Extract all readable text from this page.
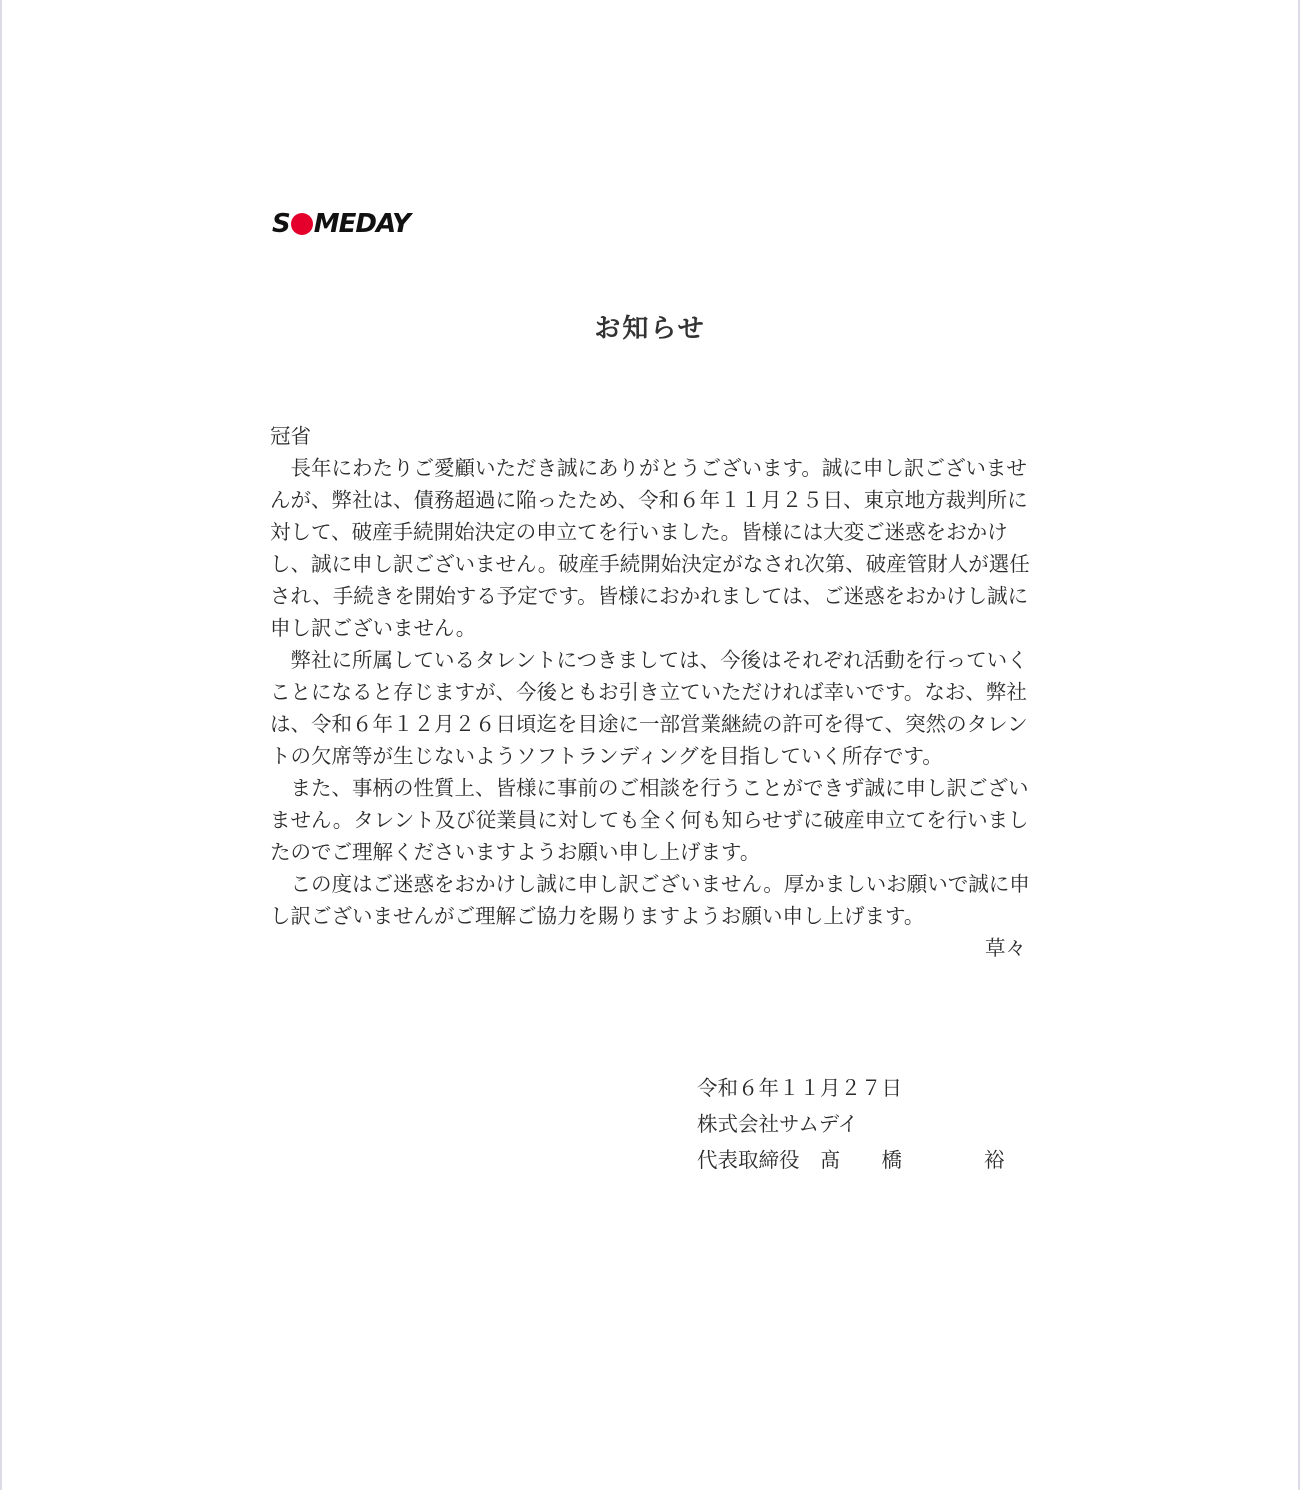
S MEDAY
お知らせ

冠省

　長年にわたりご愛顧いただき誠にありがとうございます。誠に申し訳ございませんが、弊社は、債務超過に陥ったため、令和６年１１月２５日、東京地方裁判所に対して、破産手続開始決定の申立てを行いました。皆様には大変ご迷惑をおかけし、誠に申し訳ございません。破産手続開始決定がなされ次第、破産管財人が選任され、手続きを開始する予定です。皆様におかれましては、ご迷惑をおかけし誠に申し訳ございません。

　弊社に所属しているタレントにつきましては、今後はそれぞれ活動を行っていくことになると存じますが、今後ともお引き立ていただければ幸いです。なお、弊社は、令和６年１２月２６日頃迄を目途に一部営業継続の許可を得て、突然のタレントの欠席等が生じないようソフトランディングを目指していく所存です。

　また、事柄の性質上、皆様に事前のご相談を行うことができず誠に申し訳ございません。タレント及び従業員に対しても全く何も知らせずに破産申立てを行いましたのでご理解くださいますようお願い申し上げます。

　この度はご迷惑をおかけし誠に申し訳ございません。厚かましいお願いで誠に申し訳ございませんがご理解ご協力を賜りますようお願い申し上げます。

草々

令和６年１１月２７日
株式会社サムデイ
代表取締役　髙　　橋　　　　裕
